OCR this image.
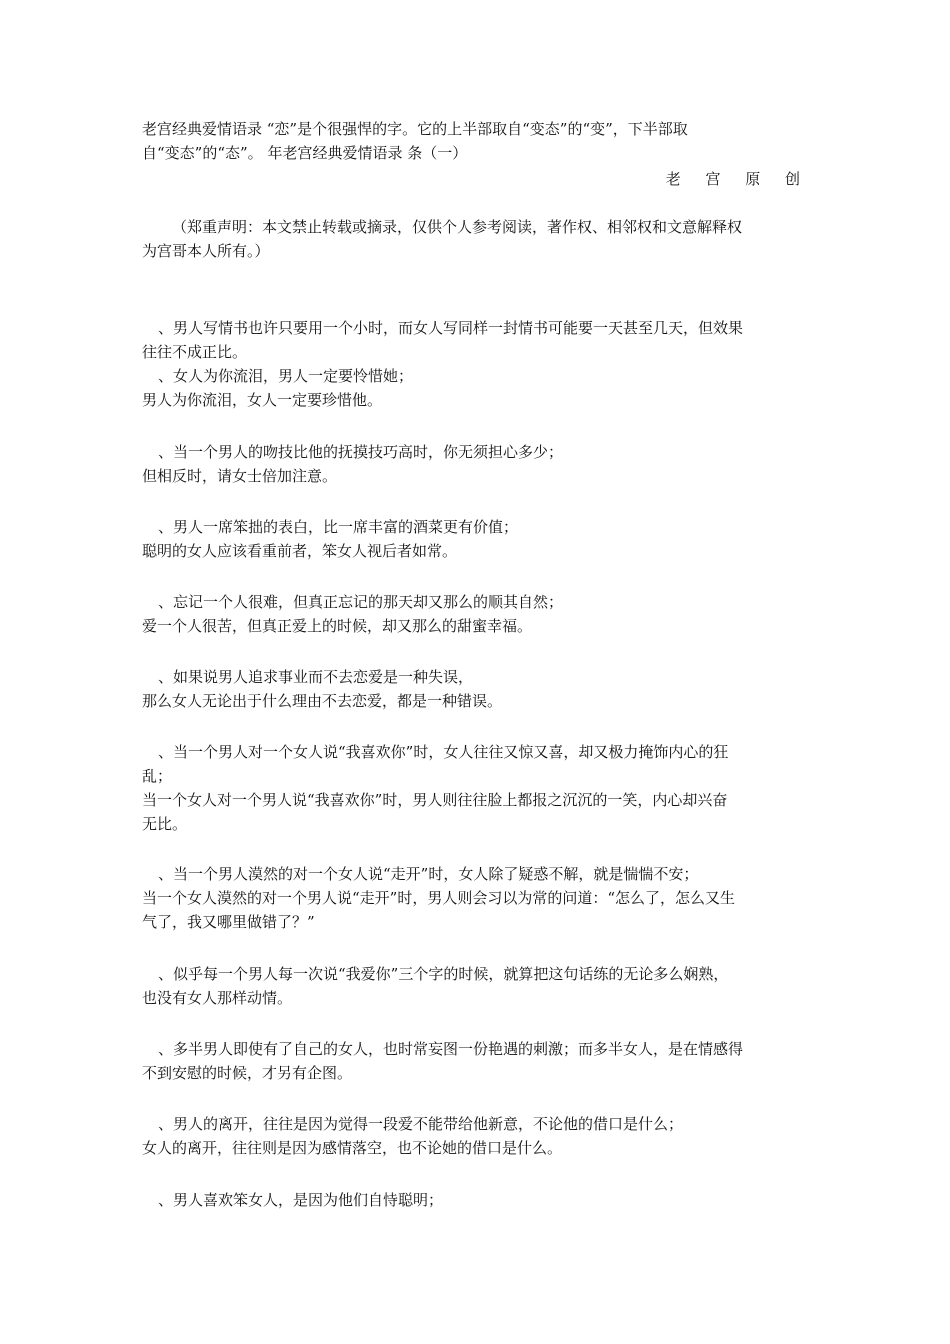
老宫经典爱情语录 “恋”是个很强悍的字。它的上半部取自“变态”的“变”，下半部取
自“变态”的“态”。 年老宫经典爱情语录 条（一）
老 宫 原 创
（郑重声明：本文禁止转载或摘录，仅供个人参考阅读，著作权、相邻权和文意解释权
为宫哥本人所有。）
、男人写情书也许只要用一个小时，而女人写同样一封情书可能要一天甚至几天，但效果
往往不成正比。
、女人为你流泪，男人一定要怜惜她；
男人为你流泪，女人一定要珍惜他。
、当一个男人的吻技比他的抚摸技巧高时，你无须担心多少；
但相反时，请女士倍加注意。
、男人一席笨拙的表白，比一席丰富的酒菜更有价值；
聪明的女人应该看重前者，笨女人视后者如常。
、忘记一个人很难，但真正忘记的那天却又那么的顺其自然；
爱一个人很苦，但真正爱上的时候，却又那么的甜蜜幸福。
、如果说男人追求事业而不去恋爱是一种失误，
那么女人无论出于什么理由不去恋爱，都是一种错误。
、当一个男人对一个女人说“我喜欢你”时，女人往往又惊又喜，却又极力掩饰内心的狂
乱；
当一个女人对一个男人说“我喜欢你”时，男人则往往脸上都报之沉沉的一笑，内心却兴奋
无比。
、当一个男人漠然的对一个女人说“走开”时，女人除了疑惑不解，就是惴惴不安；
当一个女人漠然的对一个男人说“走开”时，男人则会习以为常的问道：“怎么了，怎么又生
气了，我又哪里做错了？”
、似乎每一个男人每一次说“我爱你”三个字的时候，就算把这句话练的无论多么娴熟，
也没有女人那样动情。
、多半男人即使有了自己的女人，也时常妄图一份艳遇的刺激；而多半女人，是在情感得
不到安慰的时候，才另有企图。
、男人的离开，往往是因为觉得一段爱不能带给他新意，不论他的借口是什么；
女人的离开，往往则是因为感情落空，也不论她的借口是什么。
、男人喜欢笨女人，是因为他们自恃聪明；
